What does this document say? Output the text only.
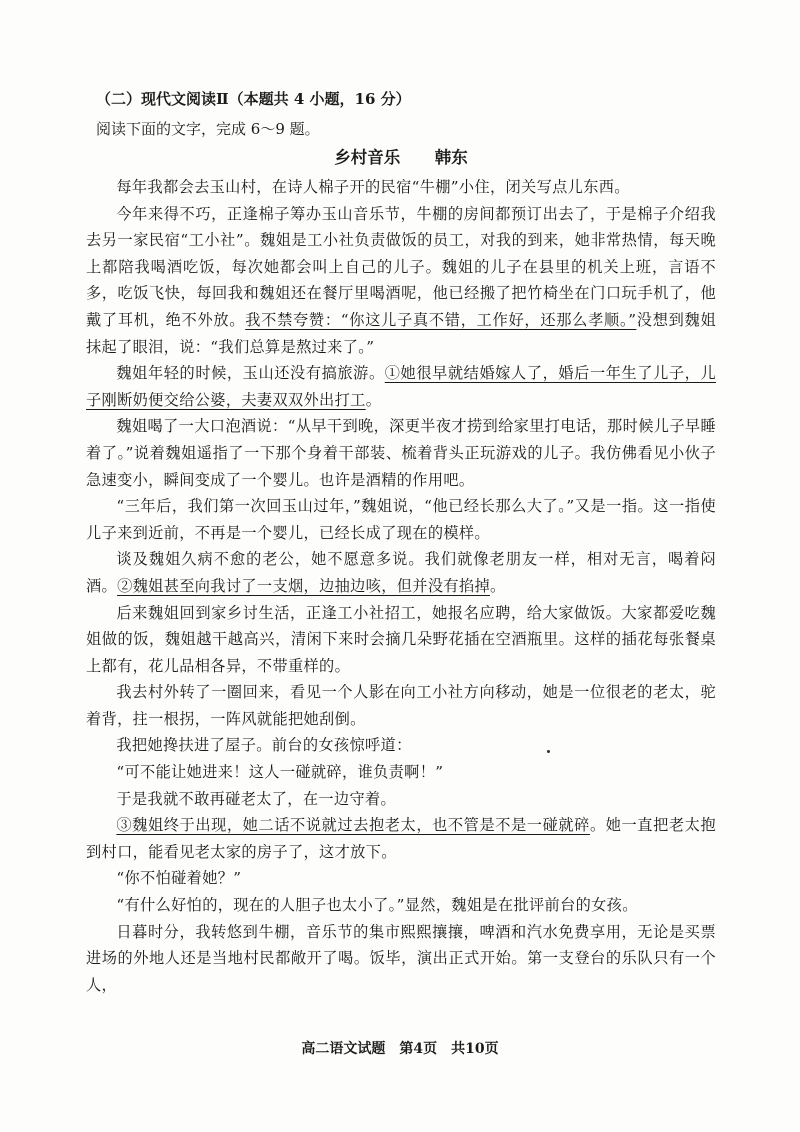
（二）现代文阅读Ⅱ（本题共 4 小题，16 分）
阅读下面的文字，完成 6～9 题。
乡村音乐 韩东

每年我都会去玉山村，在诗人棉子开的民宿“牛棚”小住，闭关写点儿东西。

今年来得不巧，正逢棉子筹办玉山音乐节，牛棚的房间都预订出去了，于是棉子介绍我去另一家民宿“工小社”。魏姐是工小社负责做饭的员工，对我的到来，她非常热情，每天晚上都陪我喝酒吃饭，每次她都会叫上自己的儿子。魏姐的儿子在县里的机关上班，言语不多，吃饭飞快，每回我和魏姐还在餐厅里喝酒呢，他已经搬了把竹椅坐在门口玩手机了，他戴了耳机，绝不外放。我不禁夸赞：“你这儿子真不错，工作好，还那么孝顺。”没想到魏姐抹起了眼泪，说：“我们总算是熬过来了。”

魏姐年轻的时候，玉山还没有搞旅游。①她很早就结婚嫁人了，婚后一年生了儿子，儿子刚断奶便交给公婆，夫妻双双外出打工。

魏姐喝了一大口泡酒说：“从早干到晚，深更半夜才捞到给家里打电话，那时候儿子早睡着了。”说着魏姐遥指了一下那个身着干部装、梳着背头正玩游戏的儿子。我仿佛看见小伙子急速变小，瞬间变成了一个婴儿。也许是酒精的作用吧。

“三年后，我们第一次回玉山过年，”魏姐说，“他已经长那么大了。”又是一指。这一指使儿子来到近前，不再是一个婴儿，已经长成了现在的模样。

谈及魏姐久病不愈的老公，她不愿意多说。我们就像老朋友一样，相对无言，喝着闷酒。②魏姐甚至向我讨了一支烟，边抽边咳，但并没有掐掉。

后来魏姐回到家乡讨生活，正逢工小社招工，她报名应聘，给大家做饭。大家都爱吃魏姐做的饭，魏姐越干越高兴，清闲下来时会摘几朵野花插在空酒瓶里。这样的插花每张餐桌上都有，花儿品相各异，不带重样的。

我去村外转了一圈回来，看见一个人影在向工小社方向移动，她是一位很老的老太，驼着背，拄一根拐，一阵风就能把她刮倒。

我把她搀扶进了屋子。前台的女孩惊呼道：

“可不能让她进来！这人一碰就碎，谁负责啊！”

于是我就不敢再碰老太了，在一边守着。

③魏姐终于出现，她二话不说就过去抱老太，也不管是不是一碰就碎。她一直把老太抱到村口，能看见老太家的房子了，这才放下。

“你不怕碰着她？”

“有什么好怕的，现在的人胆子也太小了。”显然，魏姐是在批评前台的女孩。

日暮时分，我转悠到牛棚，音乐节的集市熙熙攘攘，啤酒和汽水免费享用，无论是买票进场的外地人还是当地村民都敞开了喝。饭毕，演出正式开始。第一支登台的乐队只有一个人，

高二语文试题　第4页　共10页
